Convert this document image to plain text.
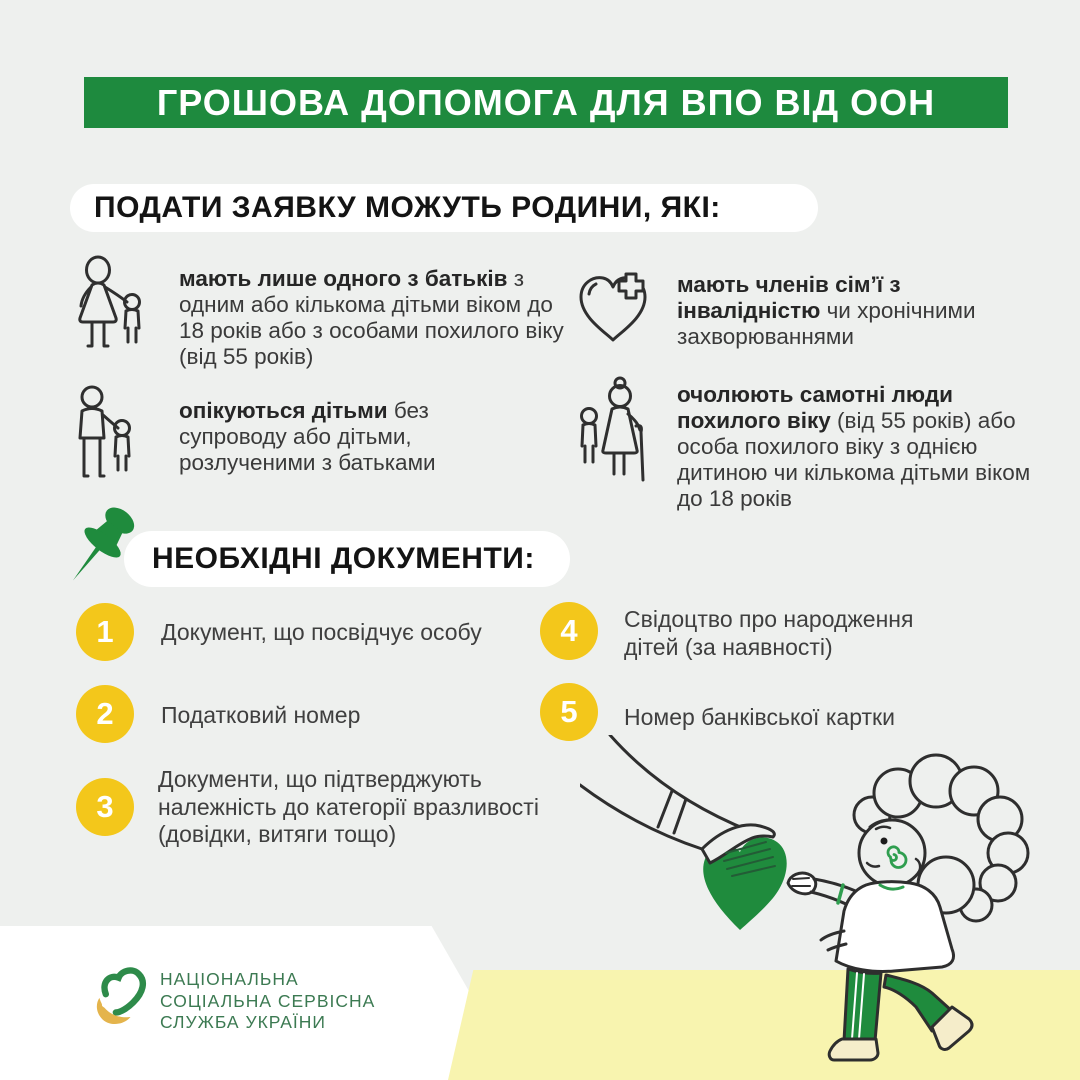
ГРОШОВА ДОПОМОГА ДЛЯ ВПО ВІД ООН
ПОДАТИ ЗАЯВКУ МОЖУТЬ РОДИНИ, ЯКІ:

мають лише одного з батьків з одним або кількома дітьми віком до 18 років або з особами похилого віку (від 55 років)

мають членів сім’ї з інвалідністю чи хронічними захворюваннями

опікуються дітьми без супроводу або дітьми, розлученими з батьками

очолюють самотні люди похилого віку (від 55 років) або особа похилого віку з однією дитиною чи кількома дітьми віком до 18 років

НЕОБХІДНІ ДОКУМЕНТИ:
1
2
3
4
5

Документ, що посвідчує особу

Податковий номер

Документи, що підтверджують належність до категорії вразливості (довідки, витяги тощо)

Свідоцтво про народження дітей (за наявності)

Номер банківської картки

НАЦІОНАЛЬНА
СОЦІАЛЬНА СЕРВІСНА
СЛУЖБА УКРАЇНИ
